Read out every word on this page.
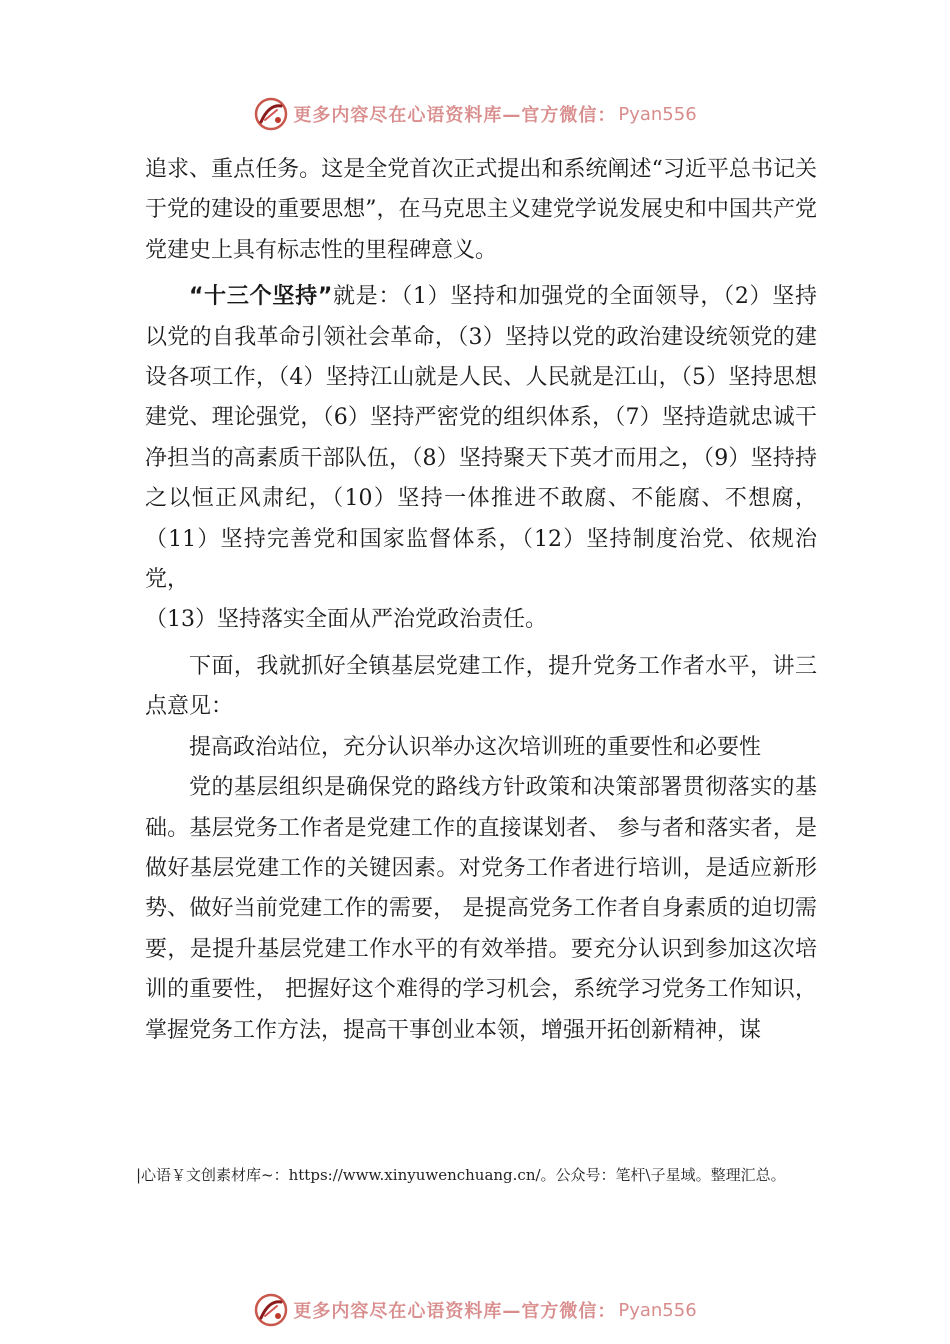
更多内容尽在心语资料库—官方微信： Pyan556

追求、重点任务。这是全党首次正式提出和系统阐述“习近平总书记关于党的建设的重要思想”，在马克思主义建党学说发展史和中国共产党党建史上具有标志性的里程碑意义。

“十三个坚持”就是：（1）坚持和加强党的全面领导，（2）坚持以党的自我革命引领社会革命，（3）坚持以党的政治建设统领党的建设各项工作，（4）坚持江山就是人民、人民就是江山，（5）坚持思想建党、理论强党，（6）坚持严密党的组织体系，（7）坚持造就忠诚干净担当的高素质干部队伍，（8）坚持聚天下英才而用之，（9）坚持持之以恒正风肃纪，（10）坚持一体推进不敢腐、不能腐、不想腐，（11）坚持完善党和国家监督体系，（12）坚持制度治党、依规治党，

（13）坚持落实全面从严治党政治责任。

下面，我就抓好全镇基层党建工作，提升党务工作者水平，讲三点意见：

提高政治站位，充分认识举办这次培训班的重要性和必要性

党的基层组织是确保党的路线方针政策和决策部署贯彻落实的基础。基层党务工作者是党建工作的直接谋划者、 参与者和落实者，是做好基层党建工作的关键因素。对党务工作者进行培训，是适应新形势、做好当前党建工作的需要， 是提高党务工作者自身素质的迫切需要，是提升基层党建工作水平的有效举措。要充分认识到参加这次培训的重要性， 把握好这个难得的学习机会，系统学习党务工作知识，掌握党务工作方法，提高干事创业本领，增强开拓创新精神，谋

|心语￥文创素材库~：https://www.xinyuwenchuang.cn/。公众号：笔杆\子星域。整理汇总。
更多内容尽在心语资料库—官方微信： Pyan556
